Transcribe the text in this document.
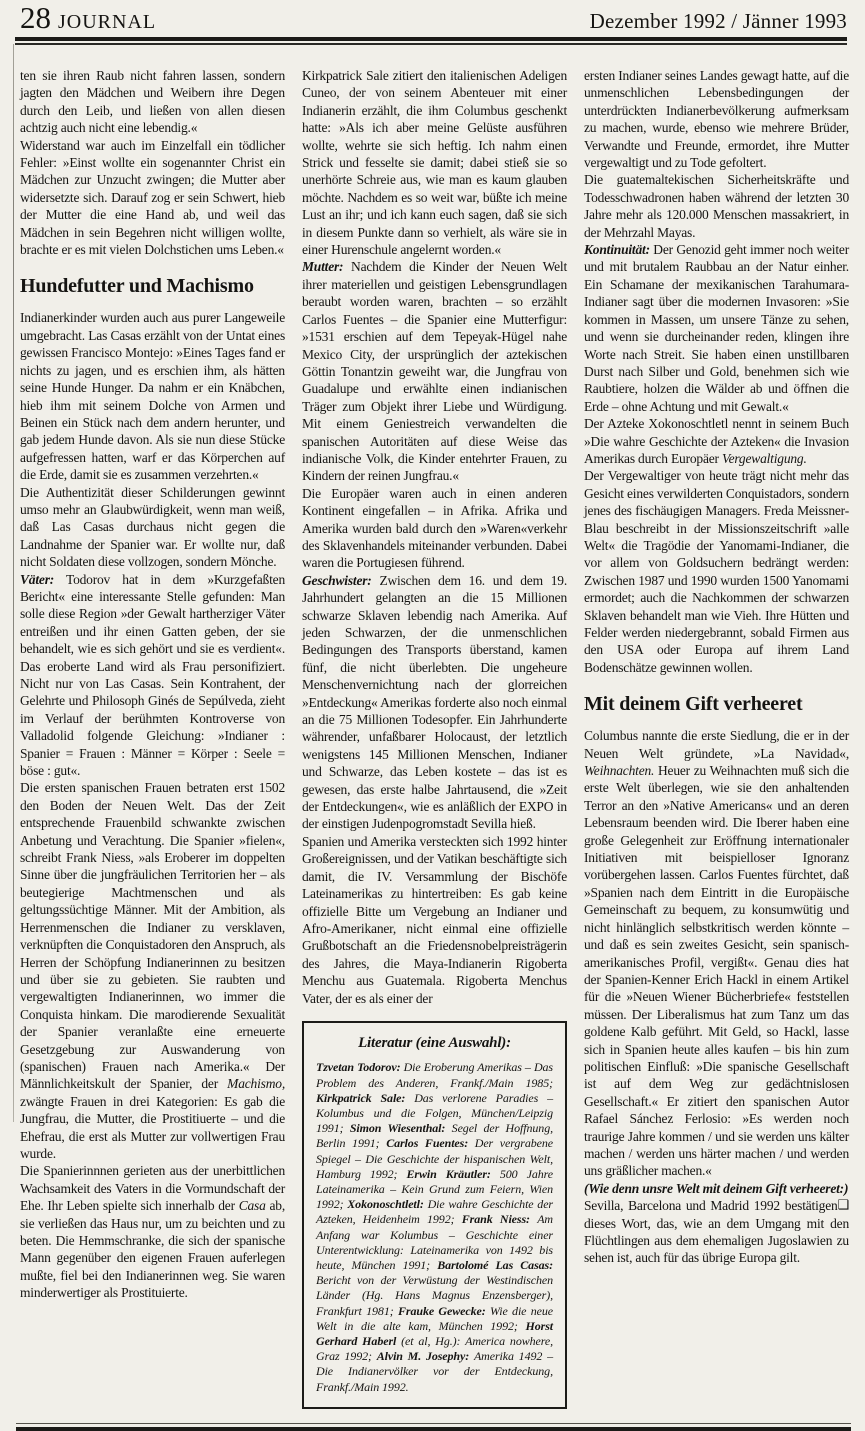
28 JOURNAL	Dezember 1992 / Jänner 1993

ten sie ihren Raub nicht fahren lassen, sondern jagten den Mädchen und Weibern ihre Degen durch den Leib, und ließen von allen diesen achtzig auch nicht eine lebendig.«

Widerstand war auch im Einzelfall ein tödlicher Fehler: »Einst wollte ein sogenannter Christ ein Mädchen zur Unzucht zwingen; die Mutter aber widersetzte sich. Darauf zog er sein Schwert, hieb der Mutter die eine Hand ab, und weil das Mädchen in sein Begehren nicht willigen wollte, brachte er es mit vielen Dolchstichen ums Leben.«

Hundefutter und Machismo

Indianerkinder wurden auch aus purer Langeweile umgebracht. Las Casas erzählt von der Untat eines gewissen Francisco Montejo: »Eines Tages fand er nichts zu jagen, und es erschien ihm, als hätten seine Hunde Hunger. Da nahm er ein Knäbchen, hieb ihm mit seinem Dolche von Armen und Beinen ein Stück nach dem andern herunter, und gab jedem Hunde davon. Als sie nun diese Stücke aufgefressen hatten, warf er das Körperchen auf die Erde, damit sie es zusammen verzehrten.«

Die Authentizität dieser Schilderungen gewinnt umso mehr an Glaubwürdigkeit, wenn man weiß, daß Las Casas durchaus nicht gegen die Landnahme der Spanier war. Er wollte nur, daß nicht Soldaten diese vollzogen, sondern Mönche.

Väter: Todorov hat in dem »Kurzgefaßten Bericht« eine interessante Stelle gefunden: Man solle diese Region »der Gewalt hartherziger Väter entreißen und ihr einen Gatten geben, der sie behandelt, wie es sich gehört und sie es verdient«. Das eroberte Land wird als Frau personifiziert. Nicht nur von Las Casas. Sein Kontrahent, der Gelehrte und Philosoph Ginés de Sepúlveda, zieht im Verlauf der berühmten Kontroverse von Valladolid folgende Gleichung: »Indianer : Spanier = Frauen : Männer = Körper : Seele = böse : gut«.

Die ersten spanischen Frauen betraten erst 1502 den Boden der Neuen Welt. Das der Zeit entsprechende Frauenbild schwankte zwischen Anbetung und Verachtung. Die Spanier »fielen«, schreibt Frank Niess, »als Eroberer im doppelten Sinne über die jungfräulichen Territorien her – als beutegierige Machtmenschen und als geltungssüchtige Männer. Mit der Ambition, als Herrenmenschen die Indianer zu versklaven, verknüpften die Conquistadoren den Anspruch, als Herren der Schöpfung Indianerinnen zu besitzen und über sie zu gebieten. Sie raubten und vergewaltigten Indianerinnen, wo immer die Conquista hinkam. Die marodierende Sexualität der Spanier veranlaßte eine erneuerte Gesetzgebung zur Auswanderung von (spanischen) Frauen nach Amerika.« Der Männlichkeitskult der Spanier, der Machismo, zwängte Frauen in drei Kategorien: Es gab die Jungfrau, die Mutter, die Prostitiuerte – und die Ehefrau, die erst als Mutter zur vollwertigen Frau wurde.

Die Spanierinnnen gerieten aus der unerbittlichen Wachsamkeit des Vaters in die Vormundschaft der Ehe. Ihr Leben spielte sich innerhalb der Casa ab, sie verließen das Haus nur, um zu beichten und zu beten. Die Hemmschranke, die sich der spanische Mann gegenüber den eigenen Frauen auferlegen mußte, fiel bei den Indianerinnen weg. Sie waren minderwertiger als Prostituierte.

Kirkpatrick Sale zitiert den italienischen Adeligen Cuneo, der von seinem Abenteuer mit einer Indianerin erzählt, die ihm Columbus geschenkt hatte: »Als ich aber meine Gelüste ausführen wollte, wehrte sie sich heftig. Ich nahm einen Strick und fesselte sie damit; dabei stieß sie so unerhörte Schreie aus, wie man es kaum glauben möchte. Nachdem es so weit war, büßte ich meine Lust an ihr; und ich kann euch sagen, daß sie sich in diesem Punkte dann so verhielt, als wäre sie in einer Hurenschule angelernt worden.«

Mutter: Nachdem die Kinder der Neuen Welt ihrer materiellen und geistigen Lebensgrundlagen beraubt worden waren, brachten – so erzählt Carlos Fuentes – die Spanier eine Mutterfigur: »1531 erschien auf dem Tepeyak-Hügel nahe Mexico City, der ursprünglich der aztekischen Göttin Tonantzin geweiht war, die Jungfrau von Guadalupe und erwählte einen indianischen Träger zum Objekt ihrer Liebe und Würdigung. Mit einem Geniestreich verwandelten die spanischen Autoritäten auf diese Weise das indianische Volk, die Kinder entehrter Frauen, zu Kindern der reinen Jungfrau.«

Die Europäer waren auch in einen anderen Kontinent eingefallen – in Afrika. Afrika und Amerika wurden bald durch den »Waren«verkehr des Sklavenhandels miteinander verbunden. Dabei waren die Portugiesen führend.

Geschwister: Zwischen dem 16. und dem 19. Jahrhundert gelangten an die 15 Millionen schwarze Sklaven lebendig nach Amerika. Auf jeden Schwarzen, der die unmenschlichen Bedingungen des Transports überstand, kamen fünf, die nicht überlebten. Die ungeheure Menschenvernichtung nach der glorreichen »Entdeckung« Amerikas forderte also noch einmal an die 75 Millionen Todesopfer. Ein Jahrhunderte währender, unfaßbarer Holocaust, der letztlich wenigstens 145 Millionen Menschen, Indianer und Schwarze, das Leben kostete – das ist es gewesen, das erste halbe Jahrtausend, die »Zeit der Entdeckungen«, wie es anläßlich der EXPO in der einstigen Judenpogromstadt Sevilla hieß.

Spanien und Amerika versteckten sich 1992 hinter Großereignissen, und der Vatikan beschäftigte sich damit, die IV. Versammlung der Bischöfe Lateinamerikas zu hintertreiben: Es gab keine offizielle Bitte um Vergebung an Indianer und Afro-Amerikaner, nicht einmal eine offizielle Grußbotschaft an die Friedensnobelpreisträgerin des Jahres, die Maya-Indianerin Rigoberta Menchu aus Guatemala. Rigoberta Menchus Vater, der es als einer der

Literatur (eine Auswahl):

Tzvetan Todorov: Die Eroberung Amerikas – Das Problem des Anderen, Frankf./Main 1985; Kirkpatrick Sale: Das verlorene Paradies – Kolumbus und die Folgen, München/Leipzig 1991; Simon Wiesenthal: Segel der Hoffnung, Berlin 1991; Carlos Fuentes: Der vergrabene Spiegel – Die Geschichte der hispanischen Welt, Hamburg 1992; Erwin Kräutler: 500 Jahre Lateinamerika – Kein Grund zum Feiern, Wien 1992; Xokonoschtletl: Die wahre Geschichte der Azteken, Heidenheim 1992; Frank Niess: Am Anfang war Kolumbus – Geschichte einer Unterentwicklung: Lateinamerika von 1492 bis heute, München 1991; Bartolomé Las Casas: Bericht von der Verwüstung der Westindischen Länder (Hg. Hans Magnus Enzensberger), Frankfurt 1981; Frauke Gewecke: Wie die neue Welt in die alte kam, München 1992; Horst Gerhard Haberl (et al, Hg.): America nowhere, Graz 1992; Alvin M. Josephy: Amerika 1492 – Die Indianervölker vor der Entdeckung, Frankf./Main 1992.

ersten Indianer seines Landes gewagt hatte, auf die unmenschlichen Lebensbedingungen der unterdrückten Indianerbevölkerung aufmerksam zu machen, wurde, ebenso wie mehrere Brüder, Verwandte und Freunde, ermordet, ihre Mutter vergewaltigt und zu Tode gefoltert.

Die guatemaltekischen Sicherheitskräfte und Todesschwadronen haben während der letzten 30 Jahre mehr als 120.000 Menschen massakriert, in der Mehrzahl Mayas.

Kontinuität: Der Genozid geht immer noch weiter und mit brutalem Raubbau an der Natur einher. Ein Schamane der mexikanischen Tarahumara-Indianer sagt über die modernen Invasoren: »Sie kommen in Massen, um unsere Tänze zu sehen, und wenn sie durcheinander reden, klingen ihre Worte nach Streit. Sie haben einen unstillbaren Durst nach Silber und Gold, benehmen sich wie Raubtiere, holzen die Wälder ab und öffnen die Erde – ohne Achtung und mit Gewalt.«

Der Azteke Xokonoschtletl nennt in seinem Buch »Die wahre Geschichte der Azteken« die Invasion Amerikas durch Europäer Vergewaltigung.

Der Vergewaltiger von heute trägt nicht mehr das Gesicht eines verwilderten Conquistadors, sondern jenes des fischäugigen Managers. Freda Meissner-Blau beschreibt in der Missionszeitschrift »alle Welt« die Tragödie der Yanomami-Indianer, die vor allem von Goldsuchern bedrängt werden: Zwischen 1987 und 1990 wurden 1500 Yanomami ermordet; auch die Nachkommen der schwarzen Sklaven behandelt man wie Vieh. Ihre Hütten und Felder werden niedergebrannt, sobald Firmen aus den USA oder Europa auf ihrem Land Bodenschätze gewinnen wollen.

Mit deinem Gift verheeret

Columbus nannte die erste Siedlung, die er in der Neuen Welt gründete, »La Navidad«, Weihnachten. Heuer zu Weihnachten muß sich die erste Welt überlegen, wie sie den anhaltenden Terror an den »Native Americans« und an deren Lebensraum beenden wird. Die Iberer haben eine große Gelegenheit zur Eröffnung internationaler Initiativen mit beispielloser Ignoranz vorübergehen lassen. Carlos Fuentes fürchtet, daß »Spanien nach dem Eintritt in die Europäische Gemeinschaft zu bequem, zu konsumwütig und nicht hinlänglich selbstkritisch werden könnte – und daß es sein zweites Gesicht, sein spanisch-amerikanisches Profil, vergißt«. Genau dies hat der Spanien-Kenner Erich Hackl in einem Artikel für die »Neuen Wiener Bücherbriefe« feststellen müssen. Der Liberalismus hat zum Tanz um das goldene Kalb geführt. Mit Geld, so Hackl, lasse sich in Spanien heute alles kaufen – bis hin zum politischen Einfluß: »Die spanische Gesellschaft ist auf dem Weg zur gedächtnislosen Gesellschaft.« Er zitiert den spanischen Autor Rafael Sánchez Ferlosio: »Es werden noch traurige Jahre kommen / und sie werden uns kälter machen / werden uns härter machen / und werden uns gräßlicher machen.«

(Wie denn unsre Welt mit deinem Gift verheeret:)

❑
Sevilla, Barcelona und Madrid 1992 bestätigen dieses Wort, das, wie an dem Umgang mit den Flüchtlingen aus dem ehemaligen Jugoslawien zu sehen ist, auch für das übrige Europa gilt.
